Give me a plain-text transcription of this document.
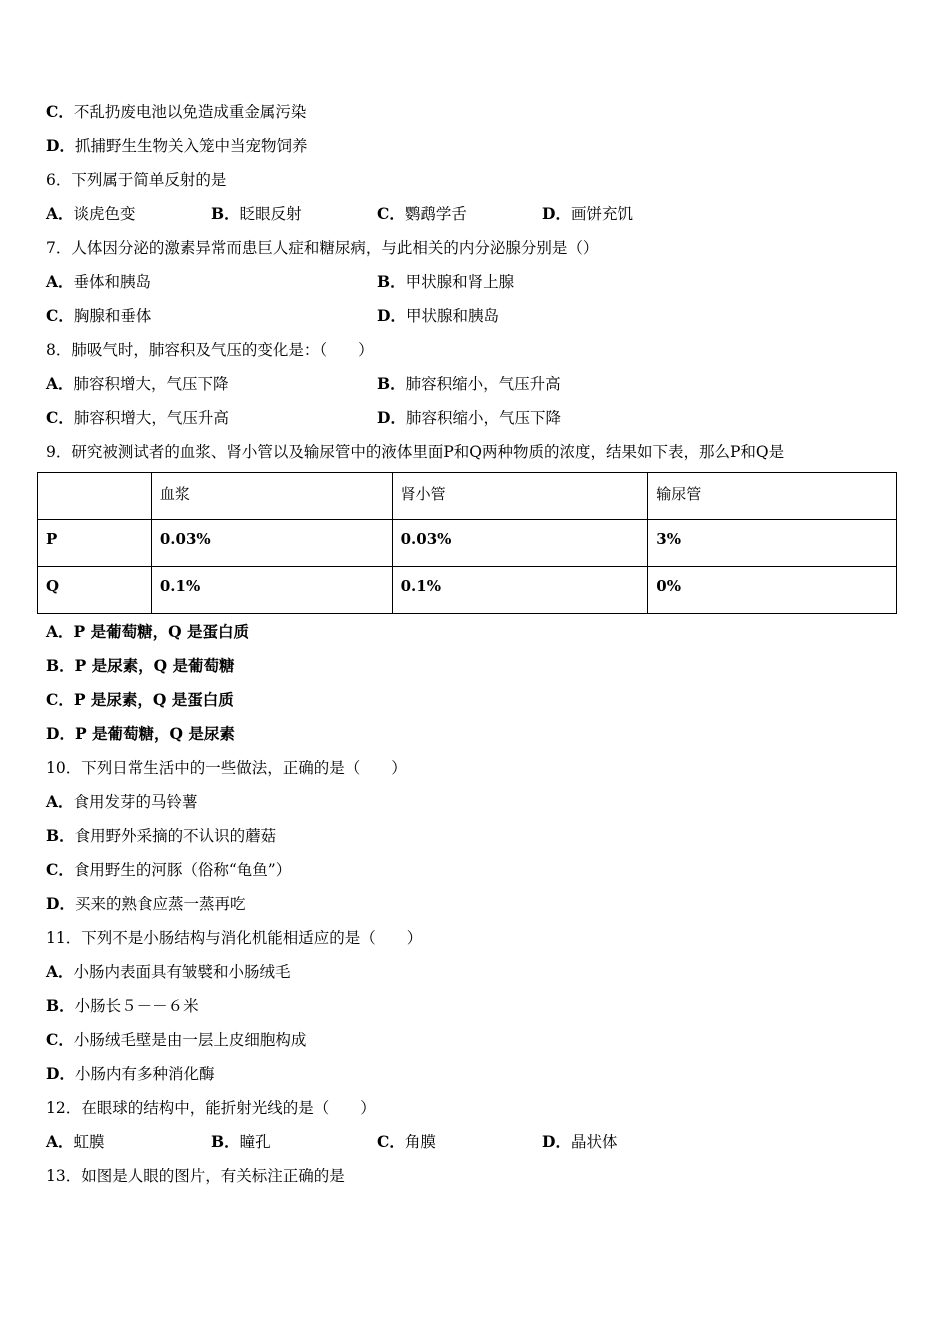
C．不乱扔废电池以免造成重金属污染
D．抓捕野生生物关入笼中当宠物饲养
6．下列属于简单反射的是
A．谈虎色变	B．眨眼反射	C．鹦鹉学舌	D．画饼充饥
7．人体因分泌的激素异常而患巨人症和糖尿病，与此相关的内分泌腺分别是（）
A．垂体和胰岛	B．甲状腺和肾上腺
C．胸腺和垂体	D．甲状腺和胰岛
8．肺吸气时，肺容积及气压的变化是：（　　）
A．肺容积增大，气压下降	B．肺容积缩小，气压升高
C．肺容积增大，气压升高	D．肺容积缩小，气压下降
9．研究被测试者的血浆、肾小管以及输尿管中的液体里面P和Q两种物质的浓度，结果如下表，那么P和Q是
	血浆	肾小管	输尿管
P	0.03%	0.03%	3%
Q	0.1%	0.1%	0%
A．P 是葡萄糖，Q 是蛋白质
B．P 是尿素，Q 是葡萄糖
C．P 是尿素，Q 是蛋白质
D．P 是葡萄糖，Q 是尿素
10．下列日常生活中的一些做法，正确的是（　　）
A．食用发芽的马铃薯
B．食用野外采摘的不认识的蘑菇
C．食用野生的河豚（俗称“龟鱼”）
D．买来的熟食应蒸一蒸再吃
11．下列不是小肠结构与消化机能相适应的是（　　）
A．小肠内表面具有皱襞和小肠绒毛
B．小肠长５－－６米
C．小肠绒毛壁是由一层上皮细胞构成
D．小肠内有多种消化酶
12．在眼球的结构中，能折射光线的是（　　）
A．虹膜	B．瞳孔	C．角膜	D．晶状体
13．如图是人眼的图片，有关标注正确的是
